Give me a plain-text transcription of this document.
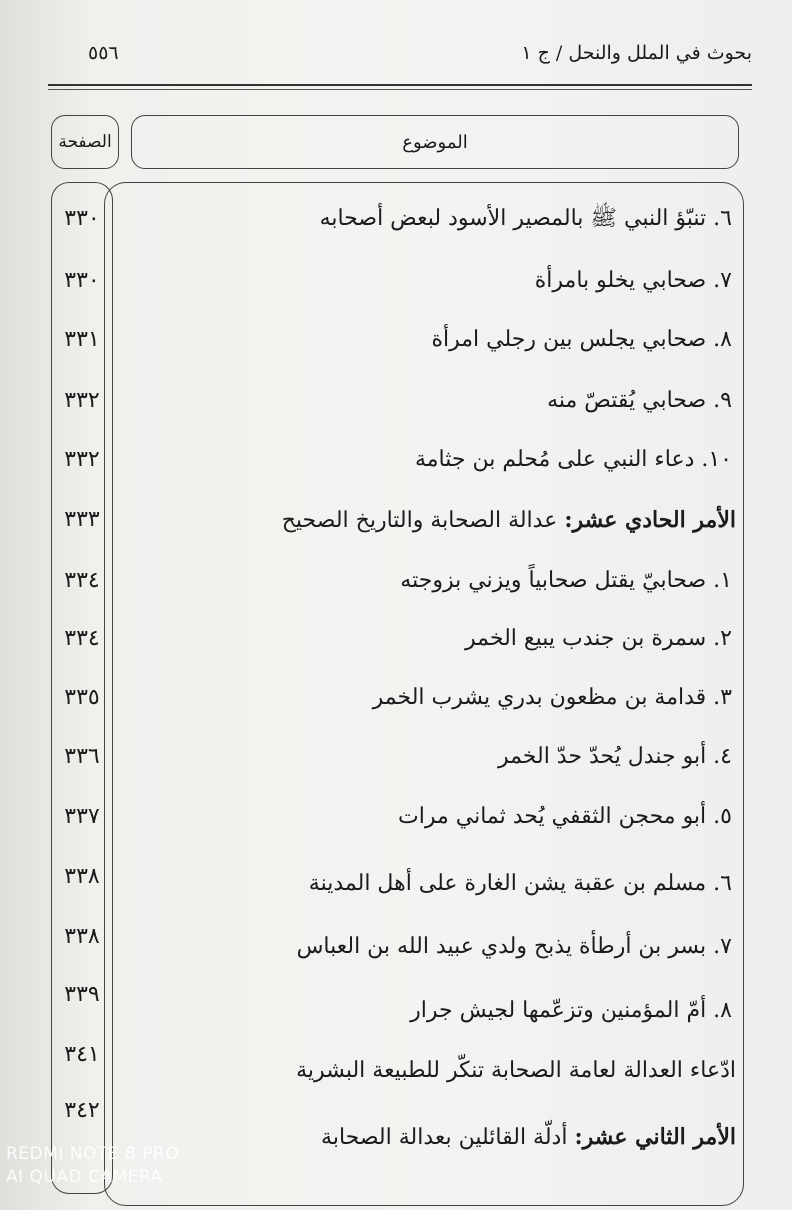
بحوث في الملل والنحل / ج ١
٥٥٦
الموضوع
الصفحة
٦. تنبّؤ النبي ﷺ بالمصير الأسود لبعض أصحابه
٣٣٠
٧. صحابي يخلو بامرأة
٣٣٠
٨. صحابي يجلس بين رجلي امرأة
٣٣١
٩. صحابي يُقتصّ منه
٣٣٢
١٠. دعاء النبي على مُحلم بن جثامة
٣٣٢
الأمر الحادي عشر: عدالة الصحابة والتاريخ الصحيح
٣٣٣
١. صحابيّ يقتل صحابياً ويزني بزوجته
٣٣٤
٢. سمرة بن جندب يبيع الخمر
٣٣٤
٣. قدامة بن مظعون بدري يشرب الخمر
٣٣٥
٤. أبو جندل يُحدّ حدّ الخمر
٣٣٦
٥. أبو محجن الثقفي يُحد ثماني مرات
٣٣٧
٦. مسلم بن عقبة يشن الغارة على أهل المدينة
٣٣٨
٧. بسر بن أرطأة يذبح ولدي عبيد الله بن العباس
٣٣٨
٨. أمّ المؤمنين وتزعّمها لجيش جرار
٣٣٩
ادّعاء العدالة لعامة الصحابة تنكّر للطبيعة البشرية
٣٤١
الأمر الثاني عشر: أدلّة القائلين بعدالة الصحابة
٣٤٢
REDMI NOTE 8 PRO
AI QUAD CAMERA
